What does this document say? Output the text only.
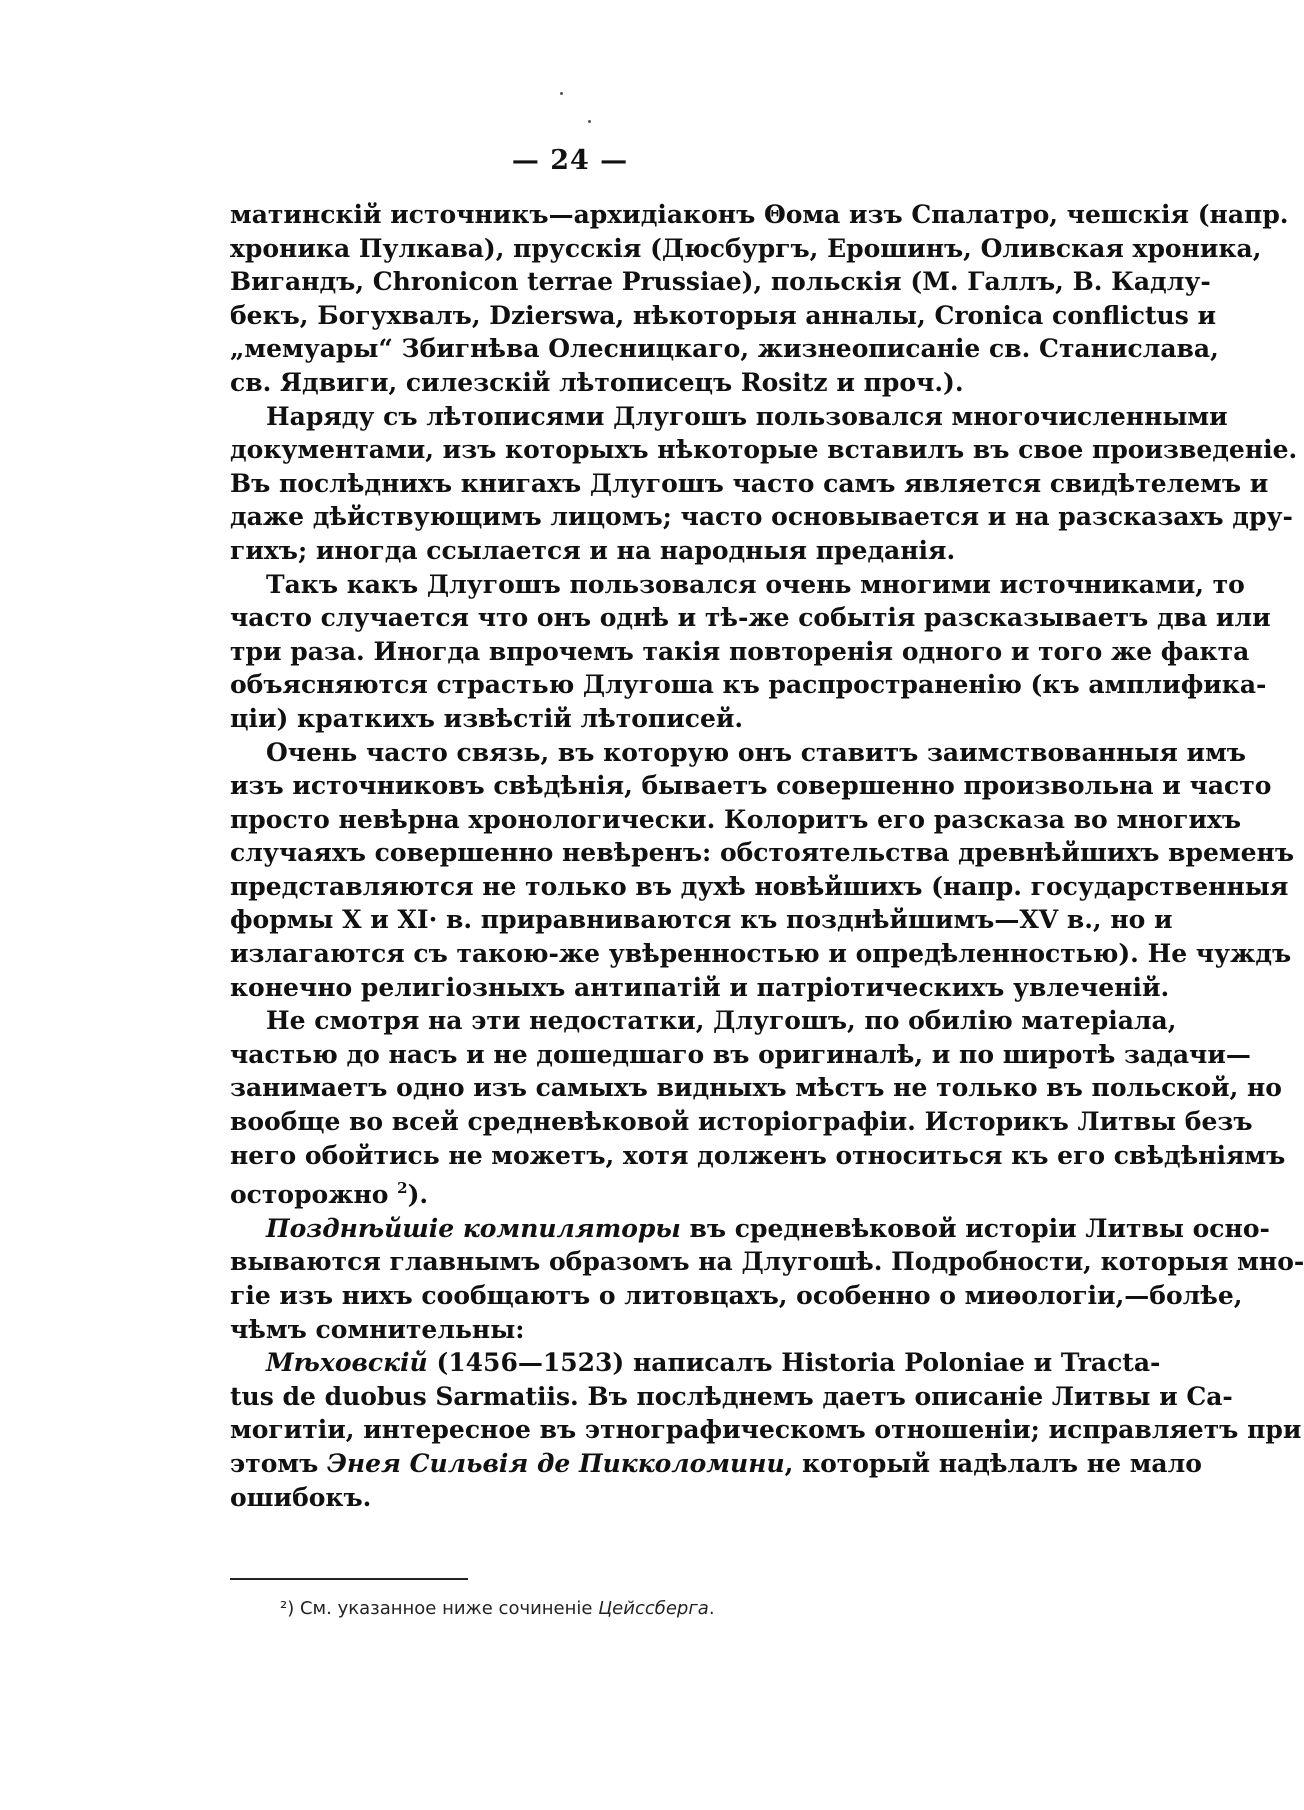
— 24 —

матинскій источникъ—архидіаконъ Θома изъ Спалатро, чешскія (напр.
хроника Пулкава), прусскія (Дюсбургъ, Ерошинъ, Оливская хроника,
Вигандъ, Chronicon terrae Prussiae), польскія (М. Галлъ, В. Кадлу-
бекъ, Богухвалъ, Dzierswa, нѣкоторыя анналы, Cronica conflictus и
„мемуары“ Збигнѣва Олесницкаго, жизнеописаніе св. Станислава,
св. Ядвиги, силезскій лѣтописецъ Rositz и проч.).

Наряду съ лѣтописями Длугошъ пользовался многочисленными
документами, изъ которыхъ нѣкоторые вставилъ въ свое произведеніе.
Въ послѣднихъ книгахъ Длугошъ часто самъ является свидѣтелемъ и
даже дѣйствующимъ лицомъ; часто основывается и на разсказахъ дру-
гихъ; иногда ссылается и на народныя преданія.

Такъ какъ Длугошъ пользовался очень многими источниками, то
часто случается что онъ однѣ и тѣ-же событія разсказываетъ два или
три раза. Иногда впрочемъ такія повторенія одного и того же факта
объясняются страстью Длугоша къ распространенію (къ амплифика-
ціи) краткихъ извѣстій лѣтописей.

Очень часто связь, въ которую онъ ставитъ заимствованныя имъ
изъ источниковъ свѣдѣнія, бываетъ совершенно произвольна и часто
просто невѣрна хронологически. Колоритъ его разсказа во многихъ
случаяхъ совершенно невѣренъ: обстоятельства древнѣйшихъ временъ
представляются не только въ духѣ новѣйшихъ (напр. государственныя
формы X и XI· в. приравниваются къ позднѣйшимъ—XV в., но и
излагаются съ такою-же увѣренностью и опредѣленностью). Не чуждъ
конечно религіозныхъ антипатій и патріотическихъ увлеченій.

Не смотря на эти недостатки, Длугошъ, по обилію матеріала,
частью до насъ и не дошедшаго въ оригиналѣ, и по широтѣ задачи—
занимаетъ одно изъ самыхъ видныхъ мѣстъ не только въ польской, но
вообще во всей средневѣковой исторіографіи. Историкъ Литвы безъ
него обойтись не можетъ, хотя долженъ относиться къ его свѣдѣніямъ
осторожно $^2$).

Позднѣйшіе компиляторы въ средневѣковой исторіи Литвы осно-
вываются главнымъ образомъ на Длугошѣ. Подробности, которыя мно-
гіе изъ нихъ сообщаютъ о литовцахъ, особенно о миѳологіи,—болѣе,
чѣмъ сомнительны:

Мѣховскій (1456—1523) написалъ Historia Poloniae и Tracta-
tus de duobus Sarmatiis. Въ послѣднемъ даетъ описаніе Литвы и Са-
могитіи, интересное въ этнографическомъ отношеніи; исправляетъ при
этомъ Энея Сильвія де Пикколомини, который надѣлалъ не мало
ошибокъ.

²) См. указанное ниже сочиненіе Цейссберга.
